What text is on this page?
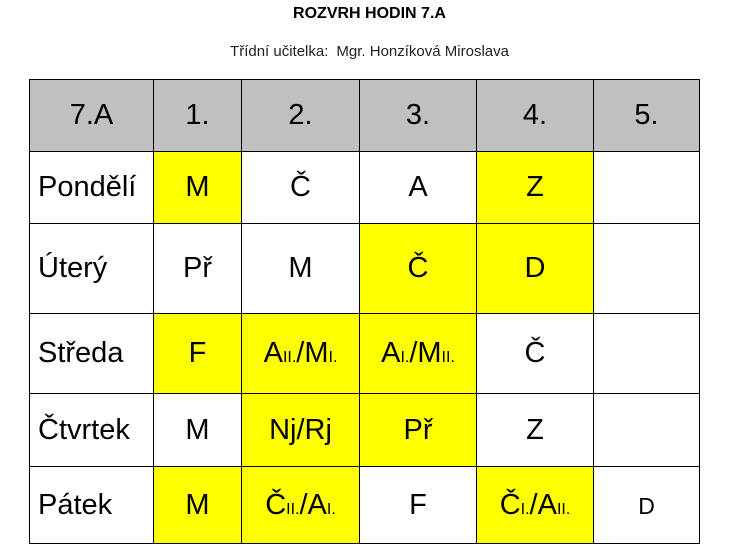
ROZVRH HODIN 7.A
Třídní učitelka: Mgr. Honzíková Miroslava
7.A	1.	2.	3.	4.	5.
Pondělí	M	Č	A	Z	
Úterý	Př	M	Č	D	
Středa	F	AII./MI.	AI./MII.	Č	
Čtvrtek	M	Nj/Rj	Př	Z	
Pátek	M	ČII./AI.	F	ČI./AII.	D
